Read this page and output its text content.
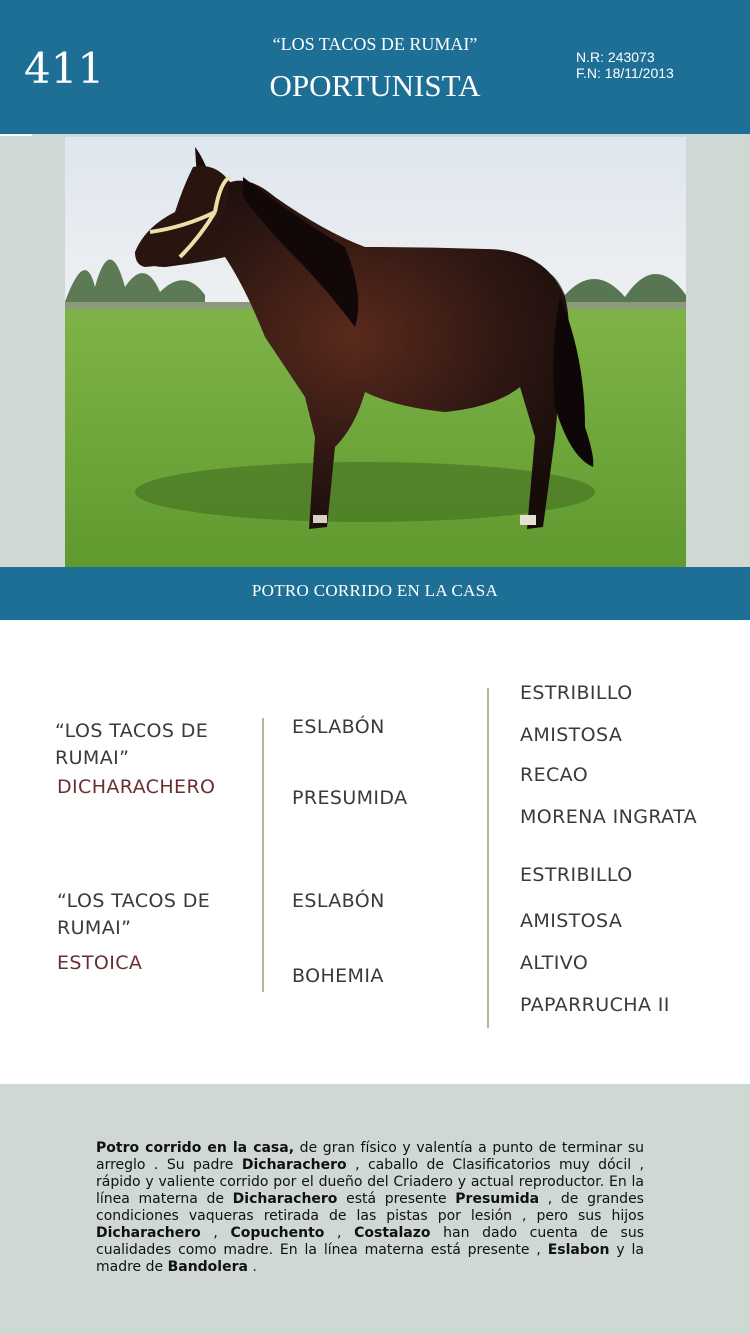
411	“LOS TACOS DE RUMAI”
OPORTUNISTA
N.R: 243073
F.N: 18/11/2013
POTRO CORRIDO EN LA CASA
“LOS TACOS DE RUMAI”
DICHARACHERO
“LOS TACOS DE RUMAI”
ESTOICA
ESLABÓN
PRESUMIDA
ESLABÓN
BOHEMIA
ESTRIBILLO
AMISTOSA
RECAO
MORENA INGRATA
ESTRIBILLO
AMISTOSA
ALTIVO
PAPARRUCHA II
Potro corrido en la casa, de gran físico y valentía a punto de terminar su arreglo . Su padre Dicharachero , caballo de Clasificatorios muy dócil , rápido y valiente corrido por el dueño del Criadero y actual reproductor. En la línea materna de Dicharachero está presente Presumida , de grandes condiciones vaqueras retirada de las pistas por lesión , pero sus hijos Dicharachero , Copuchento , Costalazo han dado cuenta de sus cualidades como madre. En la línea materna está presente , Eslabon y la madre de Bandolera .
